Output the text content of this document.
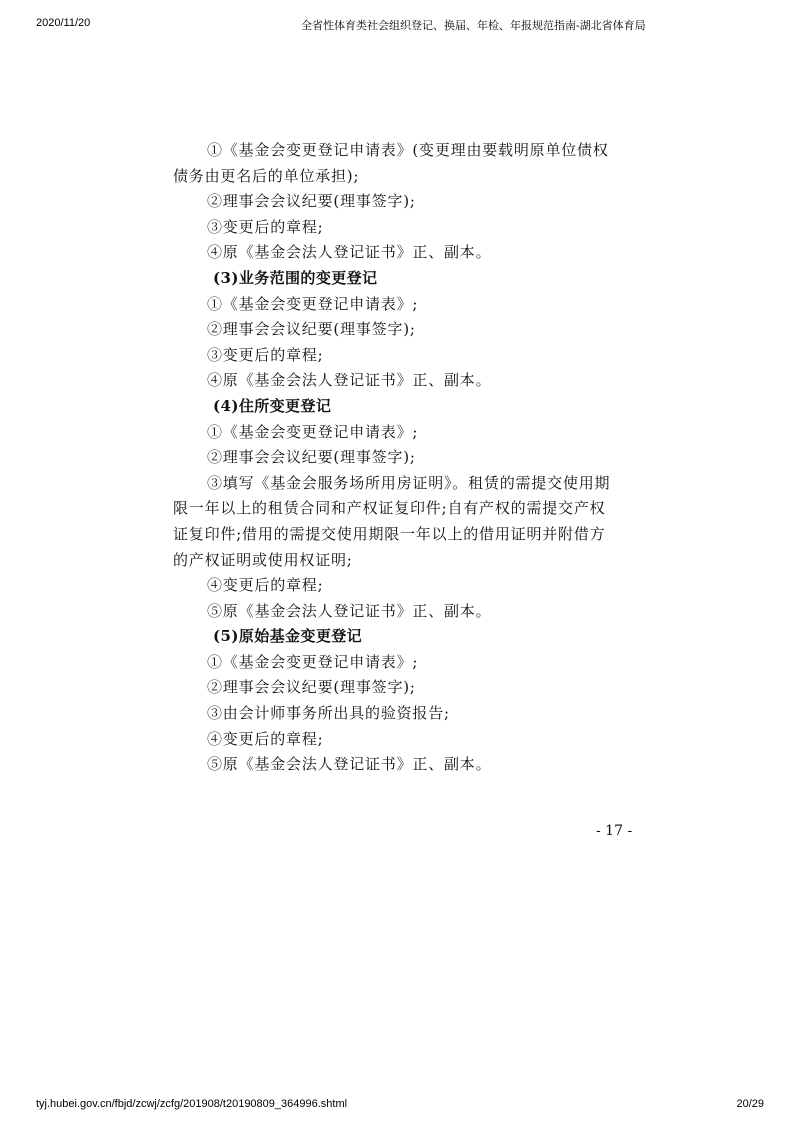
2020/11/20	全省性体育类社会组织登记、换届、年检、年报规范指南-湖北省体育局
①《基金会变更登记申请表》(变更理由要载明原单位债权
债务由更名后的单位承担);
②理事会会议纪要(理事签字);
③变更后的章程;
④原《基金会法人登记证书》正、副本。
(3)业务范围的变更登记
①《基金会变更登记申请表》;
②理事会会议纪要(理事签字);
③变更后的章程;
④原《基金会法人登记证书》正、副本。
(4)住所变更登记
①《基金会变更登记申请表》;
②理事会会议纪要(理事签字);
③填写《基金会服务场所用房证明》。租赁的需提交使用期
限一年以上的租赁合同和产权证复印件;自有产权的需提交产权
证复印件;借用的需提交使用期限一年以上的借用证明并附借方
的产权证明或使用权证明;
④变更后的章程;
⑤原《基金会法人登记证书》正、副本。
(5)原始基金变更登记
①《基金会变更登记申请表》;
②理事会会议纪要(理事签字);
③由会计师事务所出具的验资报告;
④变更后的章程;
⑤原《基金会法人登记证书》正、副本。
- 17 -
tyj.hubei.gov.cn/fbjd/zcwj/zcfg/201908/t20190809_364996.shtml	20/29
